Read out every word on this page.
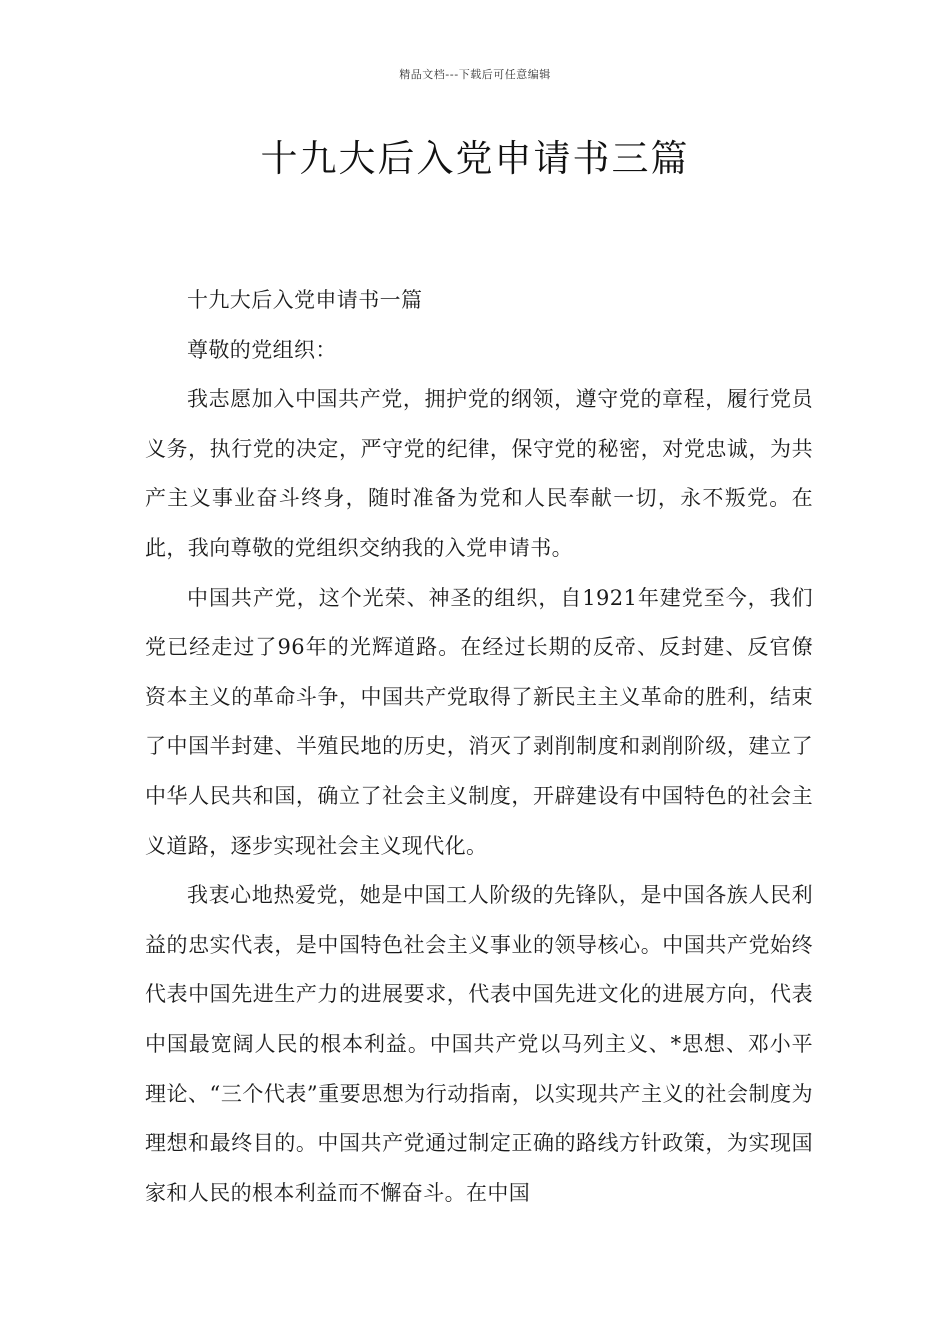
精品文档---下载后可任意编辑
十九大后入党申请书三篇

十九大后入党申请书一篇

尊敬的党组织：

我志愿加入中国共产党，拥护党的纲领，遵守党的章程，履行党员义务，执行党的决定，严守党的纪律，保守党的秘密，对党忠诚，为共产主义事业奋斗终身，随时准备为党和人民奉献一切，永不叛党。在此，我向尊敬的党组织交纳我的入党申请书。

中国共产党，这个光荣、神圣的组织，自1921年建党至今，我们党已经走过了96年的光辉道路。在经过长期的反帝、反封建、反官僚资本主义的革命斗争，中国共产党取得了新民主主义革命的胜利，结束了中国半封建、半殖民地的历史，消灭了剥削制度和剥削阶级，建立了中华人民共和国，确立了社会主义制度，开辟建设有中国特色的社会主义道路，逐步实现社会主义现代化。

我衷心地热爱党，她是中国工人阶级的先锋队，是中国各族人民利益的忠实代表，是中国特色社会主义事业的领导核心。中国共产党始终代表中国先进生产力的进展要求，代表中国先进文化的进展方向，代表中国最宽阔人民的根本利益。中国共产党以马列主义、*思想、邓小平理论、“三个代表”重要思想为行动指南，以实现共产主义的社会制度为理想和最终目的。中国共产党通过制定正确的路线方针政策，为实现国家和人民的根本利益而不懈奋斗。在中国
